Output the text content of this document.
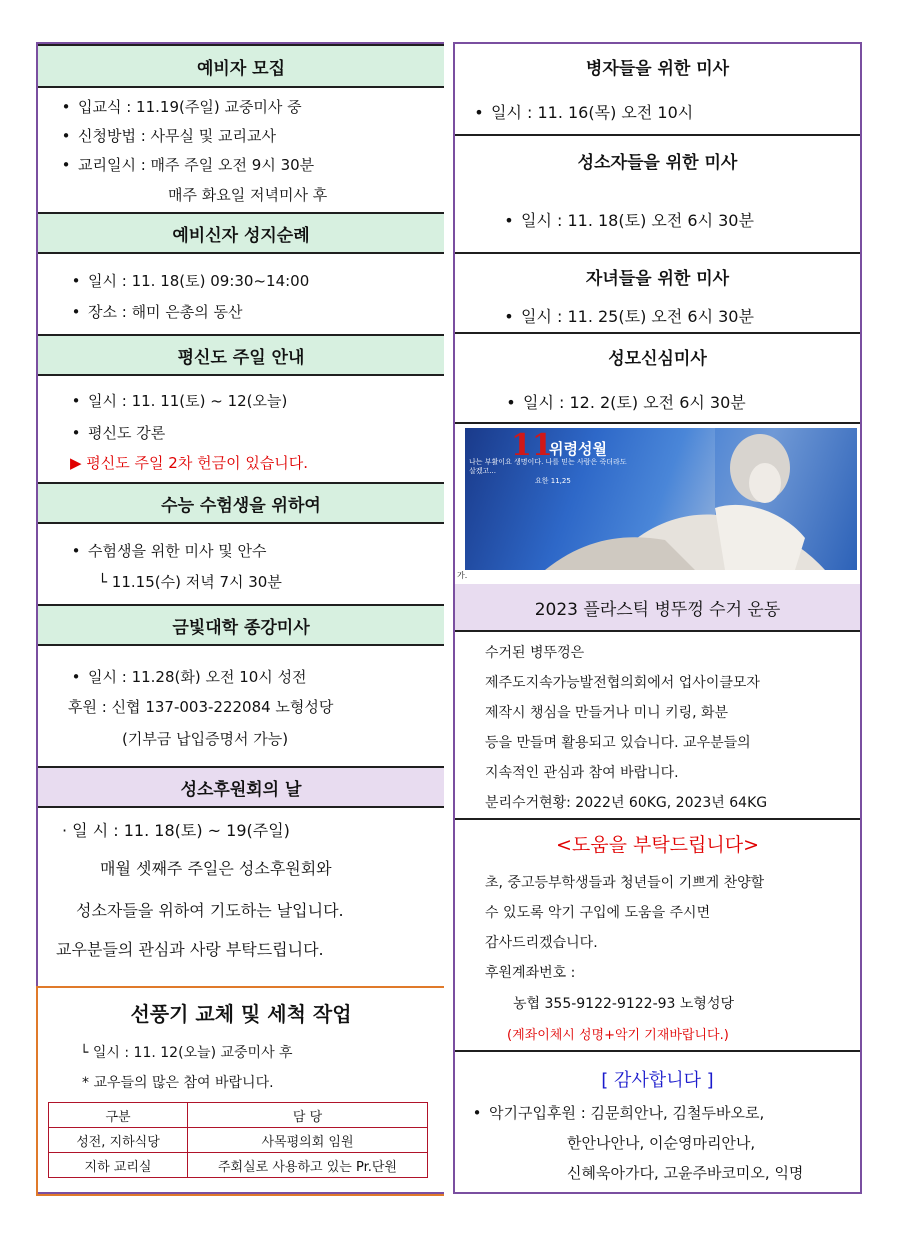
예비자 모집
• 입교식 : 11.19(주일) 교중미사 중
• 신청방법 : 사무실 및 교리교사
• 교리일시 : 매주 주일 오전 9시 30분
매주 화요일 저녁미사 후
예비신자 성지순례
• 일시 : 11. 18(토) 09:30~14:00
• 장소 : 해미 은총의 동산
평신도 주일 안내
• 일시 : 11. 11(토) ~ 12(오늘)
• 평신도 강론
▶ 평신도 주일 2차 헌금이 있습니다.
수능 수험생을 위하여
• 수험생을 위한 미사 및 안수
└ 11.15(수) 저녁 7시 30분
금빛대학 종강미사
• 일시 : 11.28(화) 오전 10시 성전
후원 : 신협 137-003-222084 노형성당
(기부금 납입증명서 가능)
성소후원회의 날
· 일 시 : 11. 18(토) ~ 19(주일)
매월 셋째주 주일은 성소후원회와
성소자들을 위하여 기도하는 날입니다.
교우분들의 관심과 사랑 부탁드립니다.
선풍기 교체 및 세척 작업
└ 일시 : 11. 12(오늘) 교중미사 후
* 교우들의 많은 참여 바랍니다.
구분	담 당
성전, 지하식당	사목평의회 임원
지하 교리실	주회실로 사용하고 있는 Pr.단원
병자들을 위한 미사
• 일시 : 11. 16(목) 오전 10시
성소자들을 위한 미사
• 일시 : 11. 18(토) 오전 6시 30분
자녀들을 위한 미사
• 일시 : 11. 25(토) 오전 6시 30분
성모신심미사
• 일시 : 12. 2(토) 오전 6시 30분
11
위령성월
나는 부활이요 생명이다. 나를 믿는 사람은 죽더라도 살겠고...
요한 11,25
가.
2023 플라스틱 병뚜껑 수거 운동
수거된 병뚜껑은
제주도지속가능발전협의회에서 업사이클모자
제작시 챙심을 만들거나 미니 키링, 화분
등을 만들며 활용되고 있습니다. 교우분들의
지속적인 관심과 참여 바랍니다.
분리수거현황: 2022년 60KG, 2023년 64KG
<도움을 부탁드립니다>
초, 중고등부학생들과 청년들이 기쁘게 찬양할
수 있도록 악기 구입에 도움을 주시면
감사드리겠습니다.
후원계좌번호 :
농협 355-9122-9122-93 노형성당
(계좌이체시 성명+악기 기재바랍니다.)
[ 감사합니다 ]
• 악기구입후원 : 김문희안나, 김철두바오로,
한안나안나, 이순영마리안나,
신혜욱아가다, 고윤주바코미오, 익명
